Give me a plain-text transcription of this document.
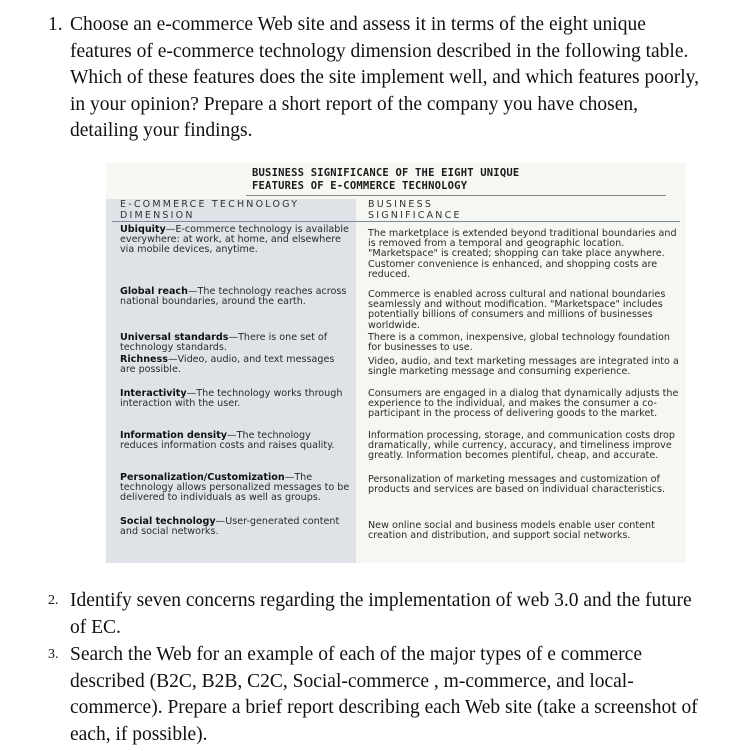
1. Choose an e-commerce Web site and assess it in terms of the eight unique features of e-commerce technology dimension described in the following table. Which of these features does the site implement well, and which features poorly, in your opinion? Prepare a short report of the company you have chosen, detailing your findings.
BUSINESS SIGNIFICANCE OF THE EIGHT UNIQUE
FEATURES OF E-COMMERCE TECHNOLOGY
E-COMMERCE TECHNOLOGY
DIMENSION
BUSINESS
SIGNIFICANCE
Ubiquity—E-commerce technology is available everywhere: at work, at home, and elsewhere via mobile devices, anytime.
The marketplace is extended beyond traditional boundaries and is removed from a temporal and geographic location. "Marketspace" is created; shopping can take place anywhere. Customer convenience is enhanced, and shopping costs are reduced.
Global reach—The technology reaches across national boundaries, around the earth.
Commerce is enabled across cultural and national boundaries seamlessly and without modification. "Marketspace" includes potentially billions of consumers and millions of businesses worldwide.
Universal standards—There is one set of technology standards.
There is a common, inexpensive, global technology foundation for businesses to use.
Richness—Video, audio, and text messages are possible.
Video, audio, and text marketing messages are integrated into a single marketing message and consuming experience.
Interactivity—The technology works through interaction with the user.
Consumers are engaged in a dialog that dynamically adjusts the experience to the individual, and makes the consumer a co-participant in the process of delivering goods to the market.
Information density—The technology reduces information costs and raises quality.
Information processing, storage, and communication costs drop dramatically, while currency, accuracy, and timeliness improve greatly. Information becomes plentiful, cheap, and accurate.
Personalization/Customization—The technology allows personalized messages to be delivered to individuals as well as groups.
Personalization of marketing messages and customization of products and services are based on individual characteristics.
Social technology—User-generated content and social networks.
New online social and business models enable user content creation and distribution, and support social networks.
2. Identify seven concerns regarding the implementation of web 3.0 and the future of EC.
3. Search the Web for an example of each of the major types of e commerce described (B2C, B2B, C2C, Social-commerce , m-commerce, and local-commerce). Prepare a brief report describing each Web site (take a screenshot of each, if possible).
